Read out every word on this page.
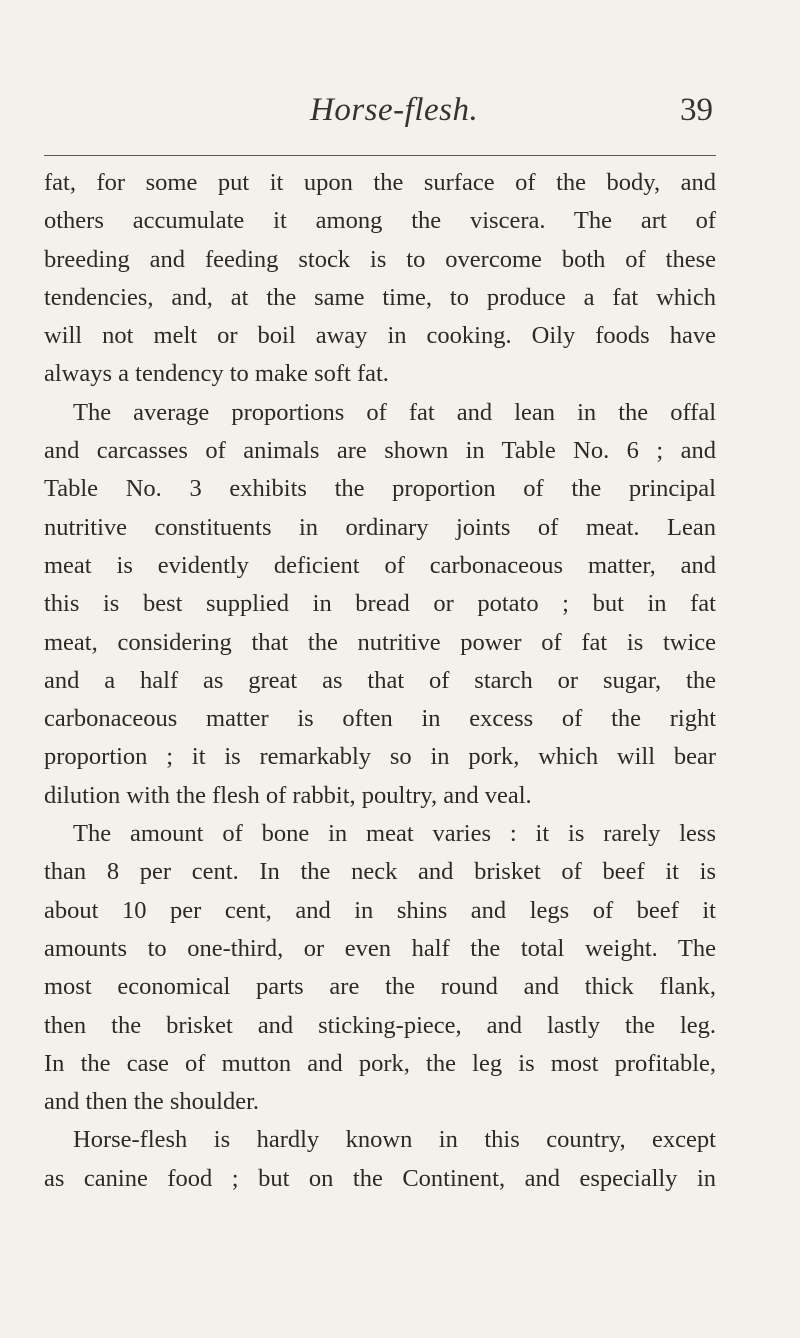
Horse-flesh.	39
fat, for some put it upon the surface of the body, and
others accumulate it among the viscera. The art of
breeding and feeding stock is to overcome both of these
tendencies, and, at the same time, to produce a fat which
will not melt or boil away in cooking. Oily foods have
always a tendency to make soft fat.
The average proportions of fat and lean in the offal
and carcasses of animals are shown in Table No. 6 ; and
Table No. 3 exhibits the proportion of the principal
nutritive constituents in ordinary joints of meat. Lean
meat is evidently deficient of carbonaceous matter, and
this is best supplied in bread or potato ; but in fat
meat, considering that the nutritive power of fat is twice
and a half as great as that of starch or sugar, the
carbonaceous matter is often in excess of the right
proportion ; it is remarkably so in pork, which will bear
dilution with the flesh of rabbit, poultry, and veal.
The amount of bone in meat varies : it is rarely less
than 8 per cent. In the neck and brisket of beef it is
about 10 per cent, and in shins and legs of beef it
amounts to one-third, or even half the total weight. The
most economical parts are the round and thick flank,
then the brisket and sticking-piece, and lastly the leg.
In the case of mutton and pork, the leg is most profitable,
and then the shoulder.
Horse-flesh is hardly known in this country, except
as canine food ; but on the Continent, and especially in
